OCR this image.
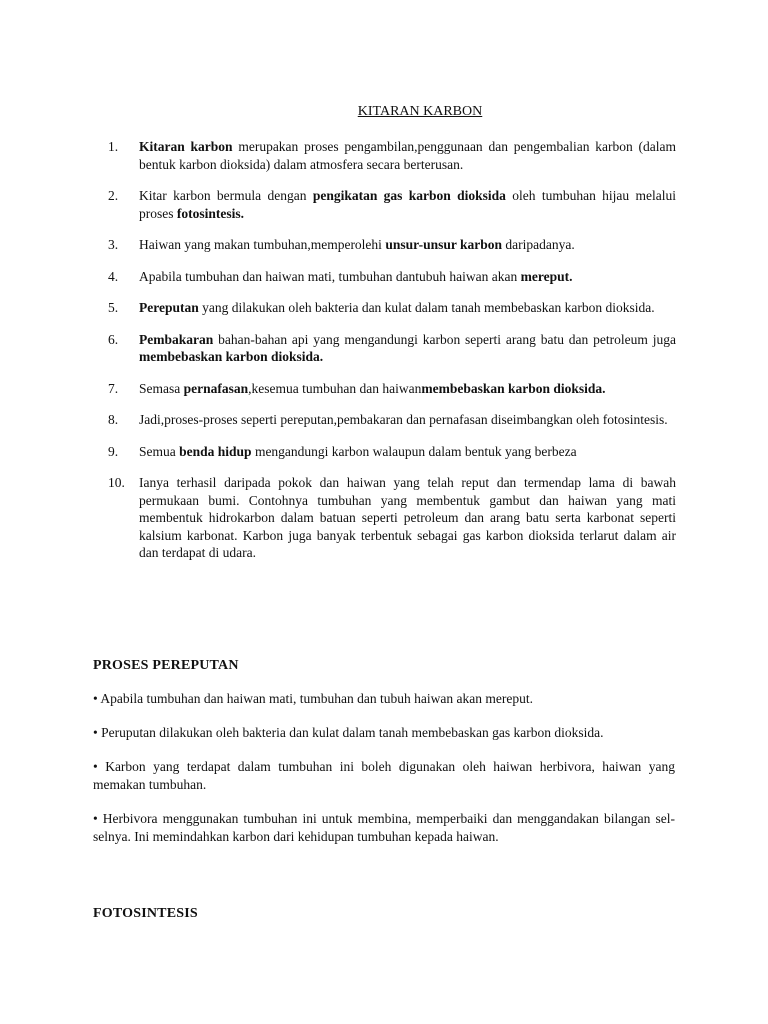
KITARAN KARBON
1.	Kitaran karbon merupakan proses pengambilan,penggunaan dan pengembalian karbon (dalam bentuk karbon dioksida) dalam atmosfera secara berterusan.
2.	Kitar karbon bermula dengan pengikatan gas karbon dioksida oleh tumbuhan hijau melalui proses fotosintesis.
3.	Haiwan yang makan tumbuhan,memperolehi unsur-unsur karbon daripadanya.
4.	Apabila tumbuhan dan haiwan mati, tumbuhan dantubuh haiwan akan mereput.
5.	Pereputan yang dilakukan oleh bakteria dan kulat dalam tanah membebaskan karbon dioksida.
6.	Pembakaran bahan-bahan api yang mengandungi karbon seperti arang batu dan petroleum juga membebaskan karbon dioksida.
7.	Semasa pernafasan,kesemua tumbuhan dan haiwanmembebaskan karbon dioksida.
8.	Jadi,proses-proses seperti pereputan,pembakaran dan pernafasan diseimbangkan oleh fotosintesis.
9.	Semua benda hidup mengandungi karbon walaupun dalam bentuk yang berbeza
10.	Ianya terhasil daripada pokok dan haiwan yang telah reput dan termendap lama di bawah permukaan bumi. Contohnya tumbuhan yang membentuk gambut dan haiwan yang mati membentuk hidrokarbon dalam batuan seperti petroleum dan arang batu serta karbonat seperti kalsium karbonat. Karbon juga banyak terbentuk sebagai gas karbon dioksida terlarut dalam air dan terdapat di udara.
PROSES PEREPUTAN
• Apabila tumbuhan dan haiwan mati, tumbuhan dan tubuh haiwan akan mereput.
• Peruputan dilakukan oleh bakteria dan kulat dalam tanah membebaskan gas karbon dioksida.
• Karbon yang terdapat dalam tumbuhan ini boleh digunakan oleh haiwan herbivora, haiwan yang memakan tumbuhan.
• Herbivora menggunakan tumbuhan ini untuk membina, memperbaiki dan menggandakan bilangan sel-selnya. Ini memindahkan karbon dari kehidupan tumbuhan kepada haiwan.
FOTOSINTESIS
